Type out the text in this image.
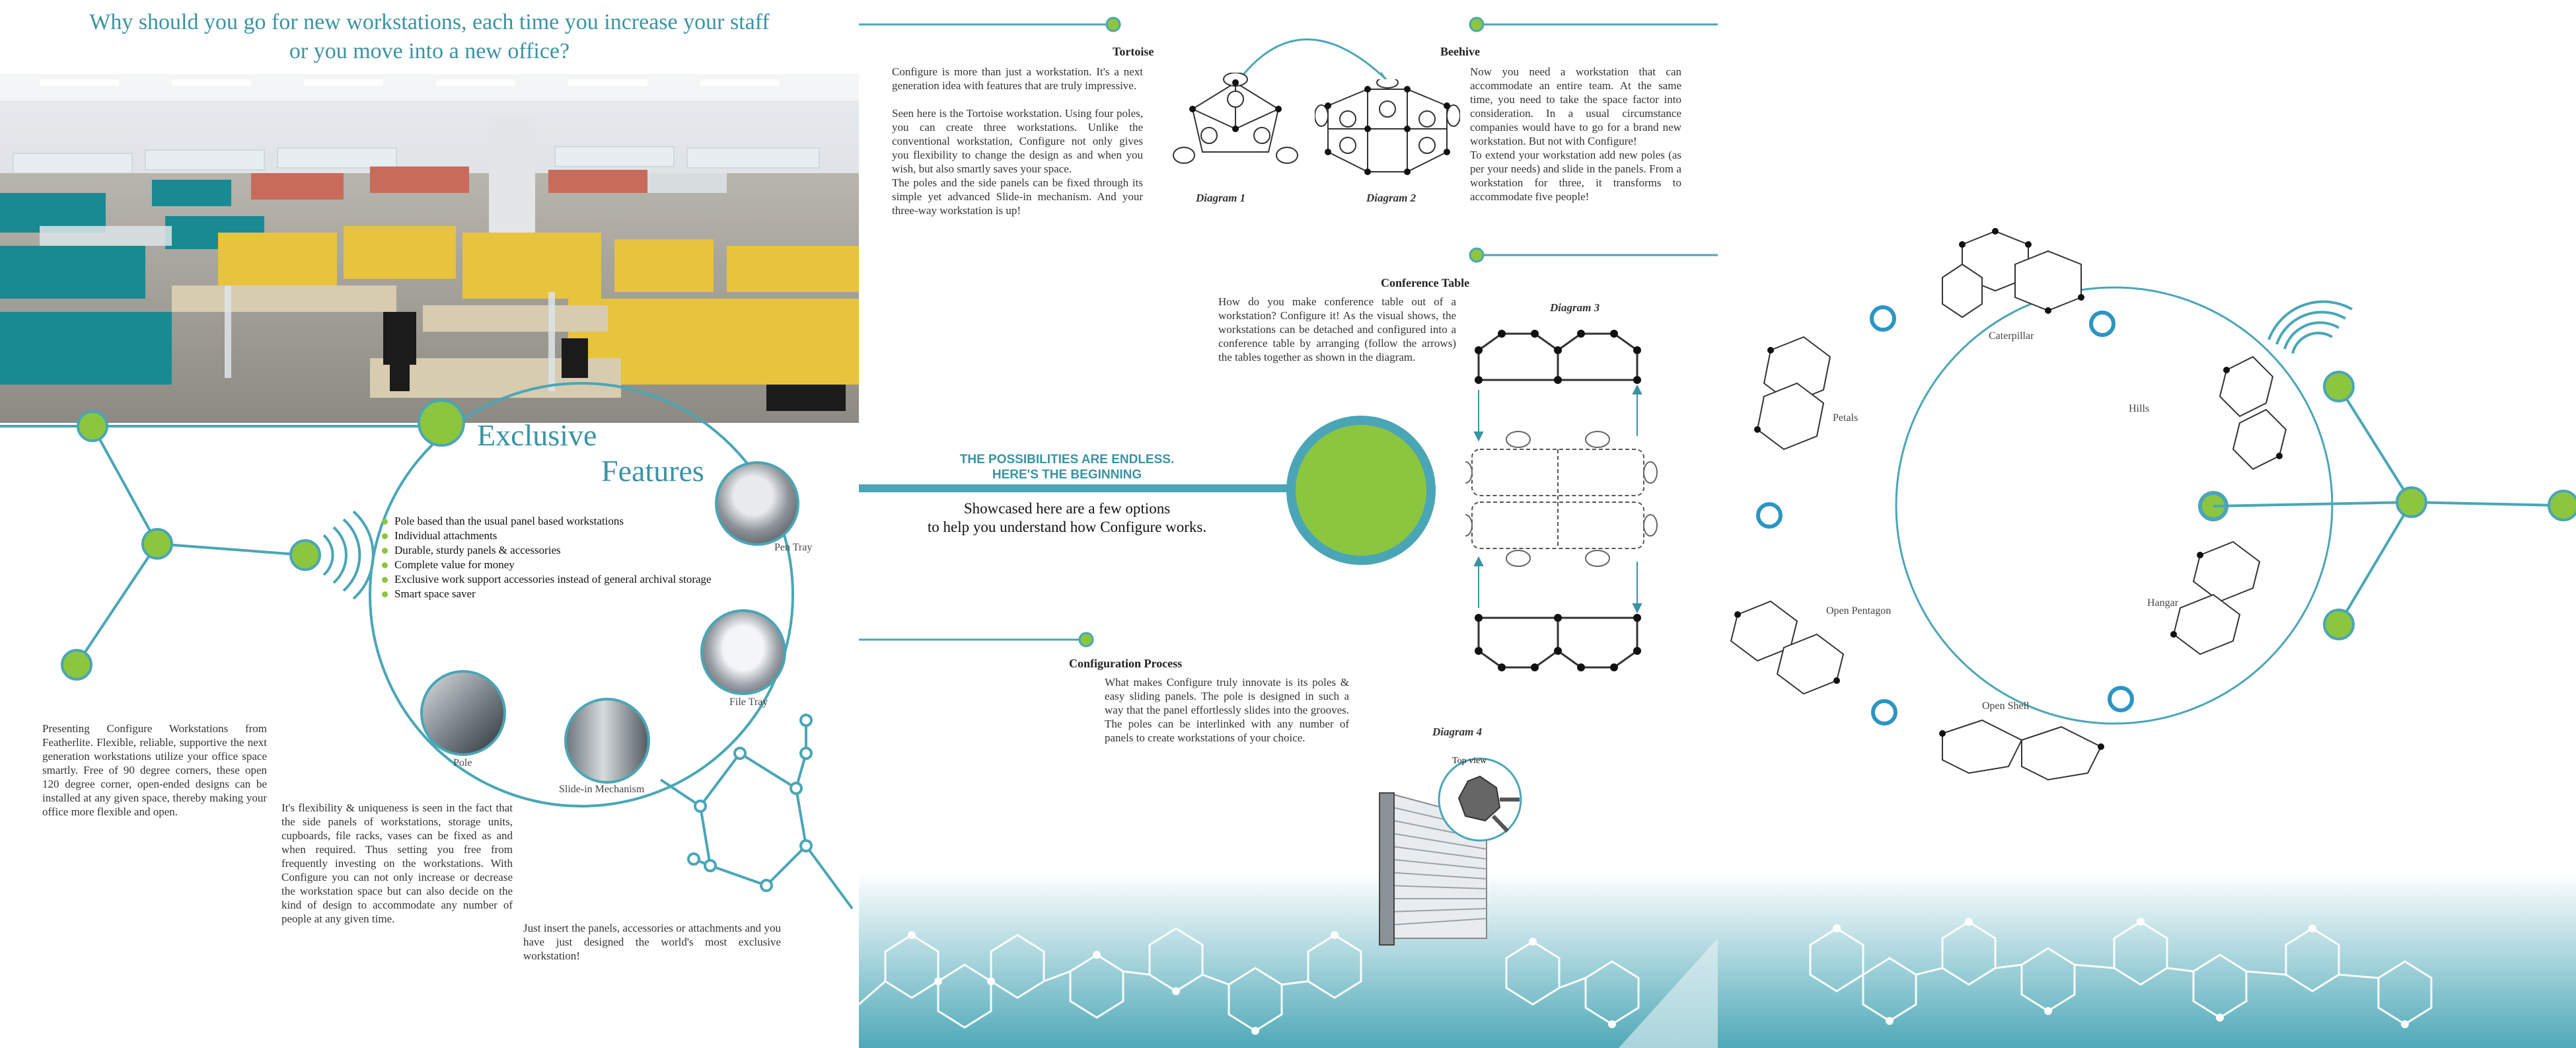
Why should you go for new workstations, each time you increase your staff
or you move into a new office?
Exclusive
Features
Pole based than the usual panel based workstations
Individual attachments
Durable, sturdy panels & accessories
Complete value for money
Exclusive work support accessories instead of general archival storage
Smart space saver
Pen Tray
File Tray
Pole
Slide-in Mechanism

Presenting Configure Workstations from Featherlite. Flexible, reliable, supportive the next generation workstations utilize your office space smartly. Free of 90 degree corners, these open 120 degree corner, open-ended designs can be installed at any given space, thereby making your office more flexible and open.	It's flexibility & uniqueness is seen in the fact that the side panels of workstations, storage units, cupboards, file racks, vases can be fixed as and when required. Thus setting you free from frequently investing on the workstations. With Configure you can not only increase or decrease the workstation space but can also decide on the kind of design to accommodate any number of people at any given time.

Just insert the panels, accessories or attachments and you have just designed the world's most exclusive workstation!

Tortoise

Configure is more than just a workstation. It's a next generation idea with features that are truly impressive.

Seen here is the Tortoise workstation. Using four poles, you can create three workstations. Unlike the conventional workstation, Configure not only gives you flexibility to change the design as and when you wish, but also smartly saves your space.
The poles and the side panels can be fixed through its simple yet advanced Slide-in mechanism. And your three-way workstation is up!

Beehive

Now you need a workstation that can accommodate an entire team. At the same time, you need to take the space factor into consideration. In a usual circumstance companies would have to go for a brand new workstation. But not with Configure!
To extend your workstation add new poles (as per your needs) and slide in the panels. From a workstation for three, it transforms to accommodate five people!

Diagram 1	Diagram 2
Conference Table

How do you make conference table out of a workstation? Configure it! As the visual shows, the workstations can be detached and configured into a conference table by arranging (follow the arrows) the tables together as shown in the diagram.

Diagram 3
THE POSSIBILITIES ARE ENDLESS.
HERE'S THE BEGINNING
Showcased here are a few options
to help you understand how Configure works.
Configuration Process

What makes Configure truly innovate is its poles & easy sliding panels. The pole is designed in such a way that the panel effortlessly slides into the grooves. The poles can be interlinked with any number of panels to create workstations of your choice.	Diagram 4
Top view
Caterpillar
Hills
Hangar
Open Shell
Open Pentagon
Petals
